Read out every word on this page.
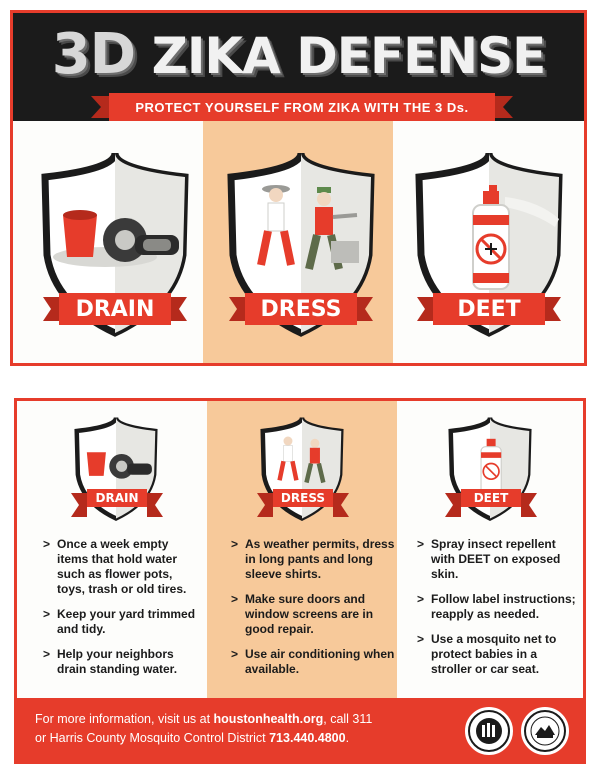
3D ZIKA DEFENSE
PROTECT YOURSELF FROM ZIKA WITH THE 3 Ds.
DRAIN	DRESS	DEET
DRAIN	DRESS	DEET
> Once a week empty items that hold water such as flower pots, toys, trash or old tires.
> Keep your yard trimmed and tidy.
> Help your neighbors drain standing water.
> As weather permits, dress in long pants and long sleeve shirts.
> Make sure doors and window screens are in good repair.
> Use air conditioning when available.
> Spray insect repellent with DEET on exposed skin.
> Follow label instructions; reapply as needed.
> Use a mosquito net to protect babies in a stroller or car seat.
For more information, visit us at houstonhealth.org, call 311
or Harris County Mosquito Control District 713.440.4800.
